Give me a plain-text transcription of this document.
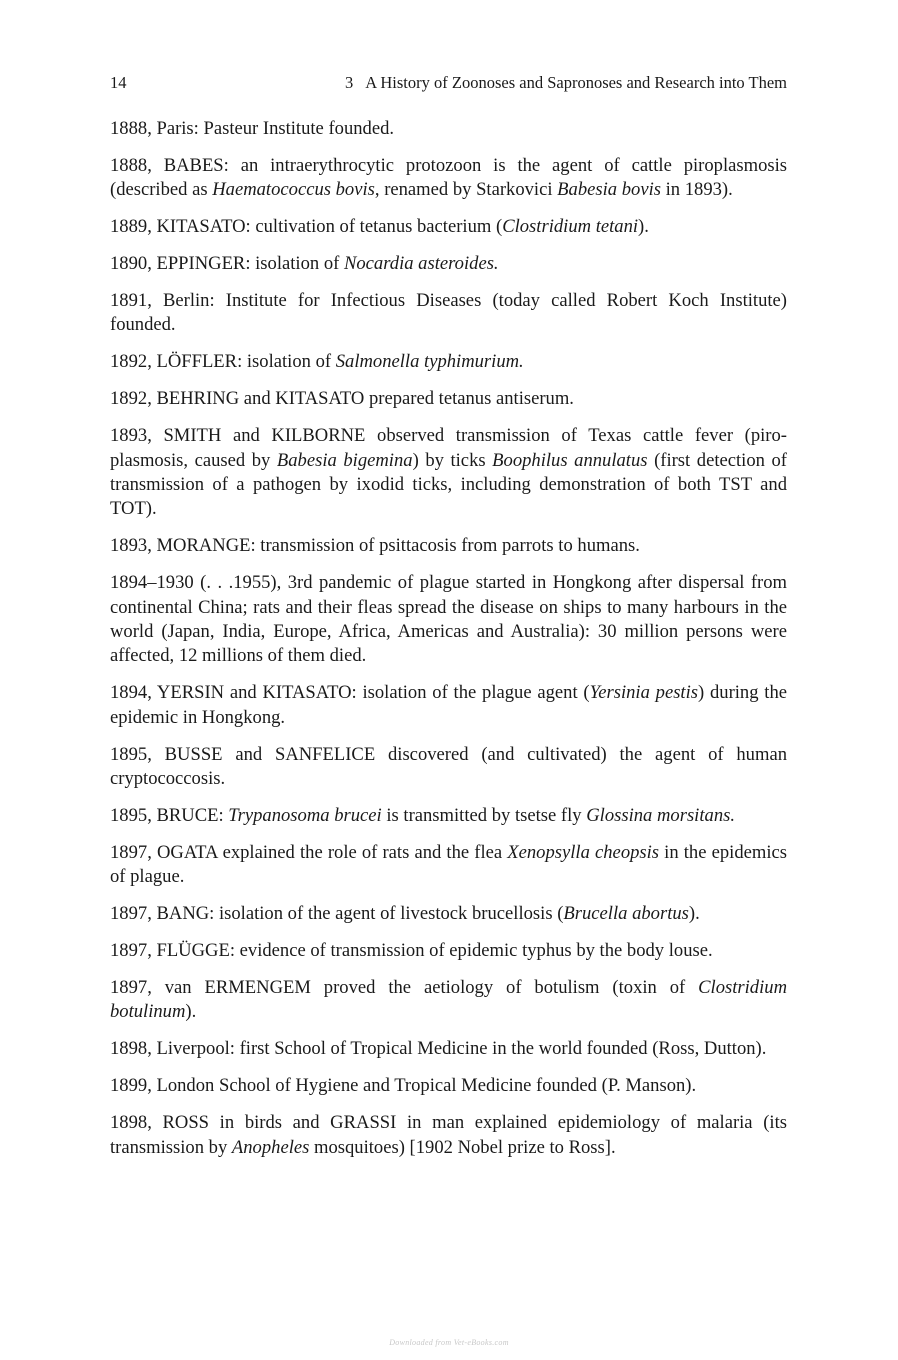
14	3 A History of Zoonoses and Sapronoses and Research into Them

1888, Paris: Pasteur Institute founded.

1888, BABES: an intraerythrocytic protozoon is the agent of cattle piroplasmosis (described as Haematococcus bovis, renamed by Starkovici Babesia bovis in 1893).

1889, KITASATO: cultivation of tetanus bacterium (Clostridium tetani).

1890, EPPINGER: isolation of Nocardia asteroides.

1891, Berlin: Institute for Infectious Diseases (today called Robert Koch Institute) founded.

1892, LÖFFLER: isolation of Salmonella typhimurium.

1892, BEHRING and KITASATO prepared tetanus antiserum.

1893, SMITH and KILBORNE observed transmission of Texas cattle fever (piroplasmosis, caused by Babesia bigemina) by ticks Boophilus annulatus (first detection of transmission of a pathogen by ixodid ticks, including demonstration of both TST and TOT).

1893, MORANGE: transmission of psittacosis from parrots to humans.

1894–1930 (. . .1955), 3rd pandemic of plague started in Hongkong after dispersal from continental China; rats and their fleas spread the disease on ships to many harbours in the world (Japan, India, Europe, Africa, Americas and Australia): 30 million persons were affected, 12 millions of them died.

1894, YERSIN and KITASATO: isolation of the plague agent (Yersinia pestis) during the epidemic in Hongkong.

1895, BUSSE and SANFELICE discovered (and cultivated) the agent of human cryptococcosis.

1895, BRUCE: Trypanosoma brucei is transmitted by tsetse fly Glossina morsitans.

1897, OGATA explained the role of rats and the flea Xenopsylla cheopsis in the epidemics of plague.

1897, BANG: isolation of the agent of livestock brucellosis (Brucella abortus).

1897, FLÜGGE: evidence of transmission of epidemic typhus by the body louse.

1897, van ERMENGEM proved the aetiology of botulism (toxin of Clostridium botulinum).

1898, Liverpool: first School of Tropical Medicine in the world founded (Ross, Dutton).

1899, London School of Hygiene and Tropical Medicine founded (P. Manson).

1898, ROSS in birds and GRASSI in man explained epidemiology of malaria (its transmission by Anopheles mosquitoes) [1902 Nobel prize to Ross].

Downloaded from Vet-eBooks.com
